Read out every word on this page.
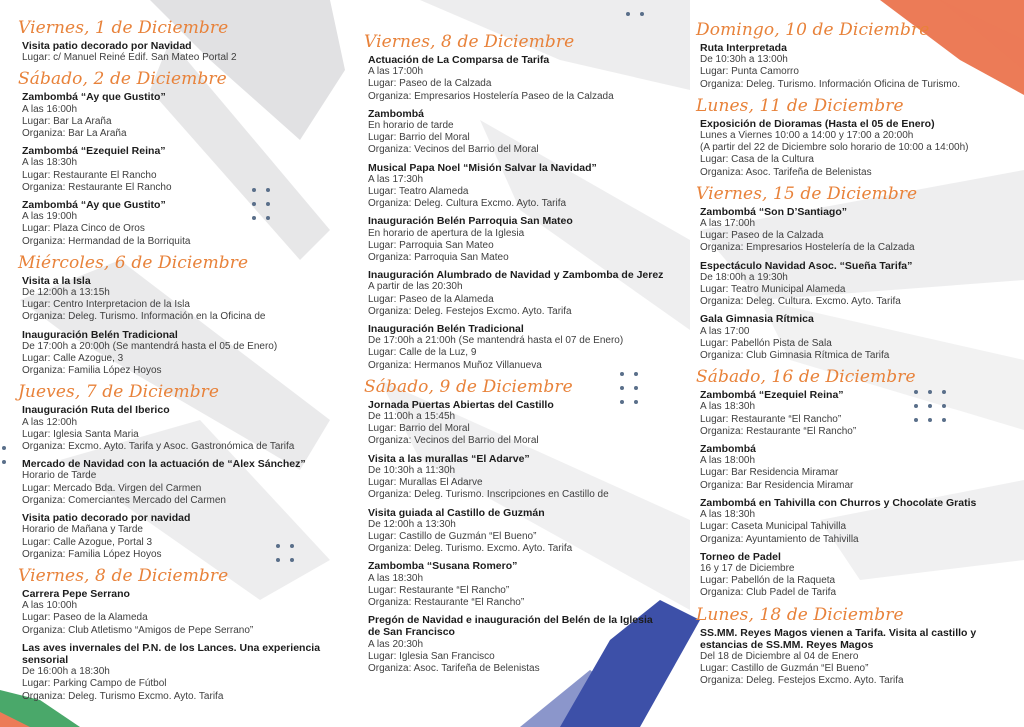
Viernes, 1 de Diciembre
Visita patio decorado por Navidad
Lugar: c/ Manuel Reiné Edif. San Mateo Portal 2
Sábado, 2 de Diciembre
Zambombá “Ay que Gustito”
A las 16:00h
Lugar: Bar La Araña
Organiza: Bar La Araña
Zambombá “Ezequiel Reina”
A las 18:30h
Lugar: Restaurante El Rancho
Organiza: Restaurante El Rancho
Zambombá “Ay que Gustito”
A las 19:00h
Lugar: Plaza Cinco de Oros
Organiza: Hermandad de la Borriquita
Miércoles, 6 de Diciembre
Visita a la Isla
De 12:00h a 13:15h
Lugar: Centro Interpretacion de la Isla
Organiza: Deleg. Turismo. Información en la Oficina de
Inauguración Belén Tradicional
De 17:00h a 20:00h (Se mantendrá hasta el 05 de Enero)
Lugar: Calle Azogue, 3
Organiza: Familia López Hoyos
Jueves, 7 de Diciembre
Inauguración Ruta del Iberico
A las 12:00h
Lugar: Iglesia Santa Maria
Organiza: Excmo. Ayto. Tarifa y Asoc. Gastronómica de Tarifa
Mercado de Navidad con la actuación de “Alex Sánchez”
Horario de Tarde
Lugar: Mercado Bda. Virgen del Carmen
Organiza: Comerciantes Mercado del Carmen
Visita patio decorado por navidad
Horario de Mañana y Tarde
Lugar: Calle Azogue, Portal 3
Organiza: Familia López Hoyos
Viernes, 8 de Diciembre
Carrera Pepe Serrano
A las 10:00h
Lugar: Paseo de la Alameda
Organiza: Club Atletismo “Amigos de Pepe Serrano”
Las aves invernales del P.N. de los Lances. Una experiencia sensorial
De 16:00h a 18:30h
Lugar: Parking Campo de Fútbol
Organiza: Deleg. Turismo Excmo. Ayto. Tarifa
Viernes, 8 de Diciembre
Actuación de La Comparsa de Tarifa
A las 17:00h
Lugar: Paseo de la Calzada
Organiza: Empresarios Hostelería Paseo de la Calzada
Zambombá
En horario de tarde
Lugar: Barrio del Moral
Organiza: Vecinos del Barrio del Moral
Musical Papa Noel “Misión Salvar la Navidad”
A las 17:30h
Lugar: Teatro Alameda
Organiza: Deleg. Cultura Excmo. Ayto. Tarifa
Inauguración Belén Parroquia San Mateo
En horario de apertura de la Iglesia
Lugar: Parroquia San Mateo
Organiza: Parroquia San Mateo
Inauguración Alumbrado de Navidad y Zambomba de Jerez
A partir de las 20:30h
Lugar: Paseo de la Alameda
Organiza: Deleg. Festejos Excmo. Ayto. Tarifa
Inauguración Belén Tradicional
De 17:00h a 21:00h (Se mantendrá hasta el 07 de Enero)
Lugar: Calle de la Luz, 9
Organiza: Hermanos Muñoz Villanueva
Sábado, 9 de Diciembre
Jornada Puertas Abiertas del Castillo
De 11:00h a 15:45h
Lugar: Barrio del Moral
Organiza: Vecinos del Barrio del Moral
Visita a las murallas “El Adarve”
De 10:30h a 11:30h
Lugar: Murallas El Adarve
Organiza: Deleg. Turismo. Inscripciones en Castillo de
Visita guiada al Castillo de Guzmán
De 12:00h a 13:30h
Lugar: Castillo de Guzmán “El Bueno”
Organiza: Deleg. Turismo. Excmo. Ayto. Tarifa
Zambomba “Susana Romero”
A las 18:30h
Lugar: Restaurante “El Rancho”
Organiza: Restaurante “El Rancho”
Pregón de Navidad e inauguración del Belén de la Iglesia de San Francisco
A las 20:30h
Lugar: Iglesia San Francisco
Organiza: Asoc. Tarifeña de Belenistas
Domingo, 10 de Diciembre
Ruta Interpretada
De 10:30h a 13:00h
Lugar: Punta Camorro
Organiza: Deleg. Turismo. Información Oficina de Turismo.
Lunes, 11 de Diciembre
Exposición de Dioramas (Hasta el 05 de Enero)
Lunes a Viernes 10:00 a 14:00 y 17:00 a 20:00h
(A partir del 22 de Diciembre solo horario de 10:00 a 14:00h)
Lugar: Casa de la Cultura
Organiza: Asoc. Tarifeña de Belenistas
Viernes, 15 de Diciembre
Zambombá “Son D’Santiago”
A las 17:00h
Lugar: Paseo de la Calzada
Organiza: Empresarios Hostelería de la Calzada
Espectáculo Navidad Asoc. “Sueña Tarifa”
De 18:00h a 19:30h
Lugar: Teatro Municipal Alameda
Organiza: Deleg. Cultura. Excmo. Ayto. Tarifa
Gala Gimnasia Rítmica
A las 17:00
Lugar: Pabellón Pista de Sala
Organiza: Club Gimnasia Rítmica de Tarifa
Sábado, 16 de Diciembre
Zambombá “Ezequiel Reina”
A las 18:30h
Lugar: Restaurante “El Rancho”
Organiza: Restaurante “El Rancho”
Zambombá
A las 18:00h
Lugar: Bar Residencia Miramar
Organiza: Bar Residencia Miramar
Zambombá en Tahivilla con Churros y Chocolate Gratis
A las 18:30h
Lugar: Caseta Municipal Tahivilla
Organiza: Ayuntamiento de Tahivilla
Torneo de Padel
16 y 17 de Diciembre
Lugar: Pabellón de la Raqueta
Organiza: Club Padel de Tarifa
Lunes, 18 de Diciembre
SS.MM. Reyes Magos vienen a Tarifa. Visita al castillo y estancias de SS.MM. Reyes Magos
Del 18 de Diciembre al 04 de Enero
Lugar: Castillo de Guzmán “El Bueno”
Organiza: Deleg. Festejos Excmo. Ayto. Tarifa
